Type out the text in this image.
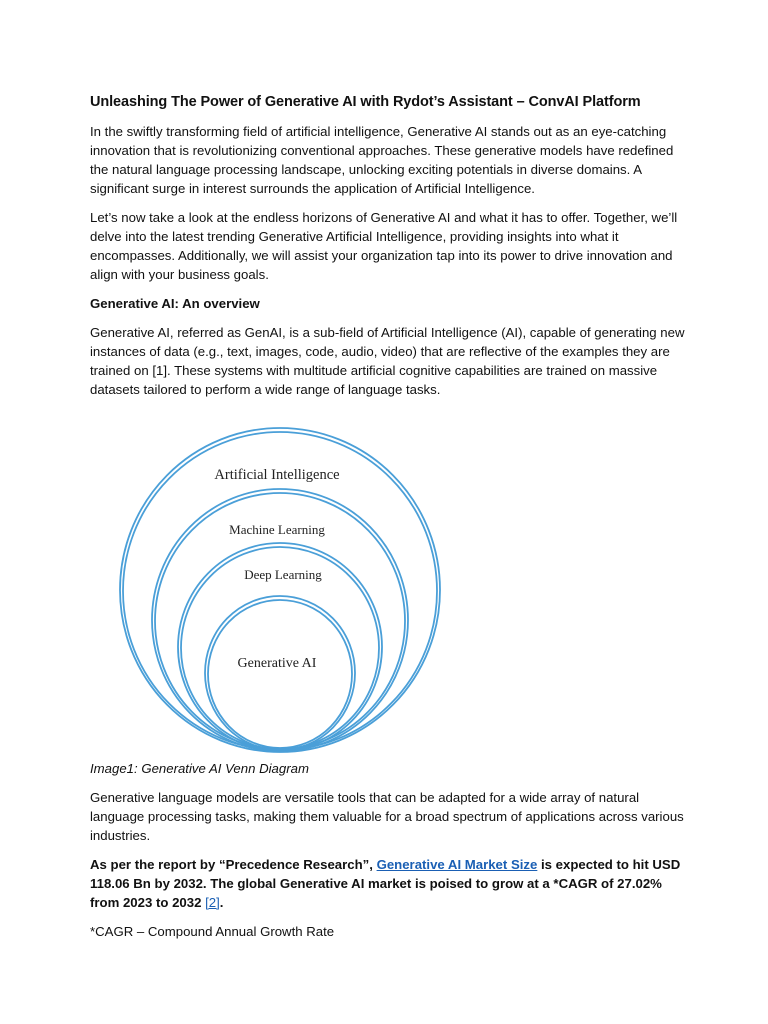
Unleashing The Power of Generative AI with Rydot’s Assistant – ConvAI Platform

In the swiftly transforming field of artificial intelligence, Generative AI stands out as an eye-catching innovation that is revolutionizing conventional approaches. These generative models have redefined the natural language processing landscape, unlocking exciting potentials in diverse domains. A significant surge in interest surrounds the application of Artificial Intelligence.

Let’s now take a look at the endless horizons of Generative AI and what it has to offer. Together, we’ll delve into the latest trending Generative Artificial Intelligence, providing insights into what it encompasses. Additionally, we will assist your organization tap into its power to drive innovation and align with your business goals.

Generative AI: An overview

Generative AI, referred as GenAI, is a sub-field of Artificial Intelligence (AI), capable of generating new instances of data (e.g., text, images, code, audio, video) that are reflective of the examples they are trained on [1]. These systems with multitude artificial cognitive capabilities are trained on massive datasets tailored to perform a wide range of language tasks.

Artificial Intelligence
Machine Learning
Deep Learning
Generative AI

Image1: Generative AI Venn Diagram

Generative language models are versatile tools that can be adapted for a wide array of natural language processing tasks, making them valuable for a broad spectrum of applications across various industries.

As per the report by “Precedence Research”, Generative AI Market Size is expected to hit USD 118.06 Bn by 2032. The global Generative AI market is poised to grow at a *CAGR of 27.02% from 2023 to 2032 [2].

*CAGR – Compound Annual Growth Rate
